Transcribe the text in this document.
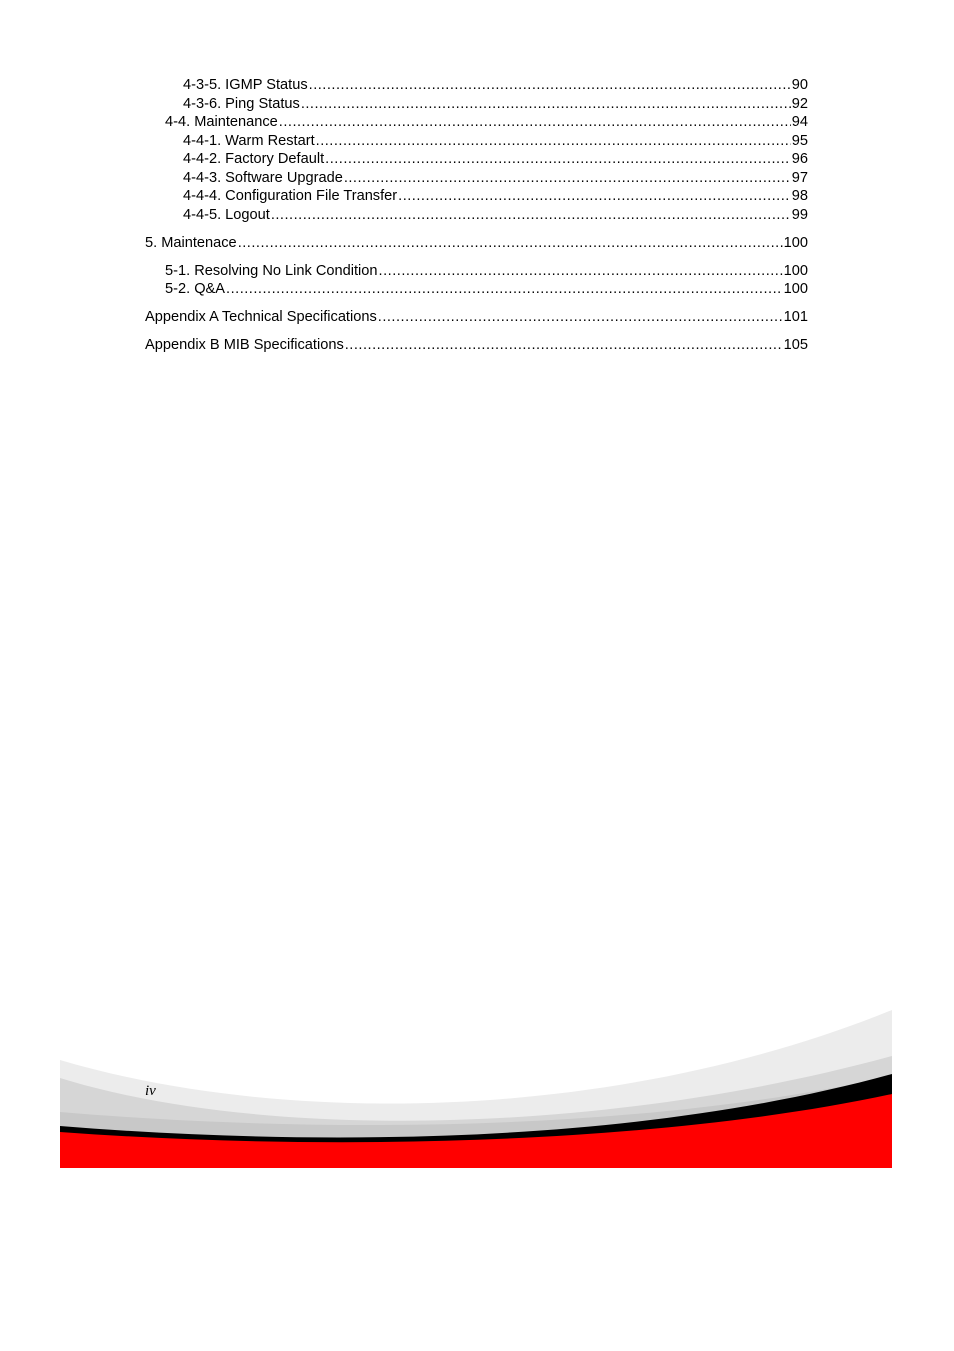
4-3-5. IGMP Status .....	90
4-3-6. Ping Status .....	92
4-4. Maintenance .....	94
4-4-1. Warm Restart .....	95
4-4-2. Factory Default .....	96
4-4-3. Software Upgrade .....	97
4-4-4. Configuration File Transfer .....	98
4-4-5. Logout .....	99
5. Maintenace .....	100
5-1. Resolving No Link Condition .....	100
5-2. Q&A .....	100
Appendix A Technical Specifications .....	101
Appendix B MIB Specifications .....	105
iv
